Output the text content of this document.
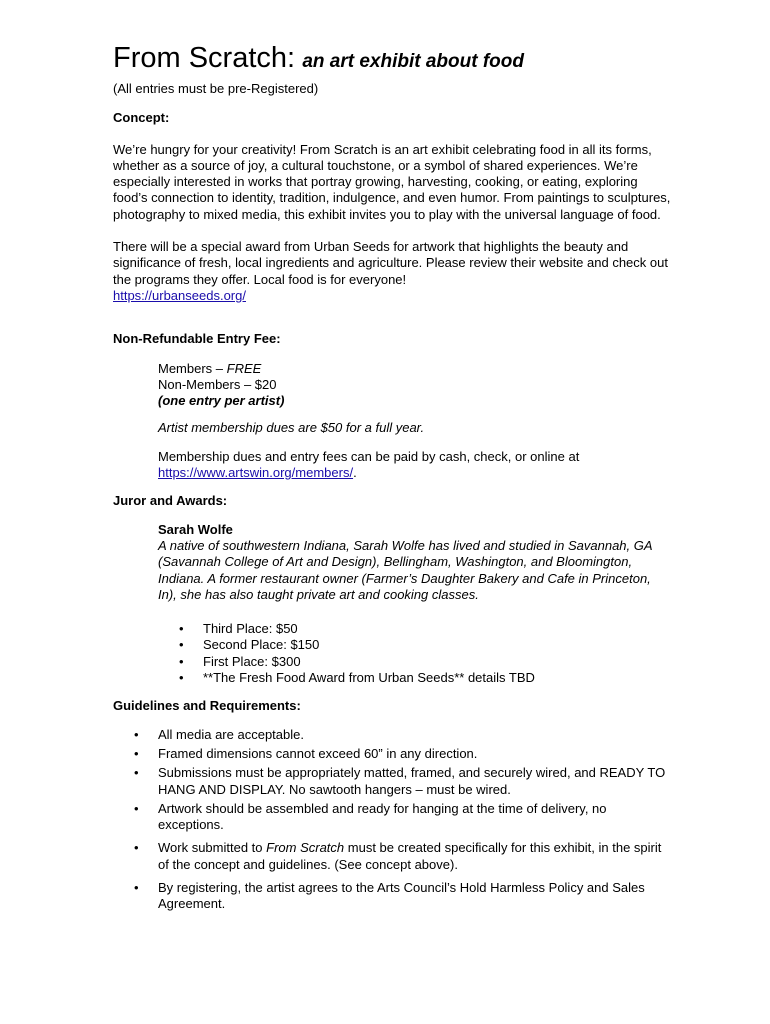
From Scratch: an art exhibit about food

(All entries must be pre-Registered)

Concept:

We’re hungry for your creativity! From Scratch is an art exhibit celebrating food in all its forms, whether as a source of joy, a cultural touchstone, or a symbol of shared experiences. We’re especially interested in works that portray growing, harvesting, cooking, or eating, exploring food’s connection to identity, tradition, indulgence, and even humor. From paintings to sculptures, photography to mixed media, this exhibit invites you to play with the universal language of food.

There will be a special award from Urban Seeds for artwork that highlights the beauty and significance of fresh, local ingredients and agriculture. Please review their website and check out the programs they offer. Local food is for everyone!
https://urbanseeds.org/

Non-Refundable Entry Fee:

Members – FREE

Non-Members – $20

(one entry per artist)

Artist membership dues are $50 for a full year.

Membership dues and entry fees can be paid by cash, check, or online at
https://www.artswin.org/members/.

Juror and Awards:

Sarah Wolfe

A native of southwestern Indiana, Sarah Wolfe has lived and studied in Savannah, GA (Savannah College of Art and Design), Bellingham, Washington, and Bloomington, Indiana. A former restaurant owner (Farmer’s Daughter Bakery and Cafe in Princeton, In), she has also taught private art and cooking classes.

• Third Place: $50
• Second Place: $150
• First Place: $300
• **The Fresh Food Award from Urban Seeds** details TBD

Guidelines and Requirements:

• All media are acceptable.
• Framed dimensions cannot exceed 60” in any direction.
• Submissions must be appropriately matted, framed, and securely wired, and READY TO HANG AND DISPLAY. No sawtooth hangers – must be wired.
• Artwork should be assembled and ready for hanging at the time of delivery, no exceptions.
• Work submitted to From Scratch must be created specifically for this exhibit, in the spirit of the concept and guidelines. (See concept above).
• By registering, the artist agrees to the Arts Council’s Hold Harmless Policy and Sales Agreement.
